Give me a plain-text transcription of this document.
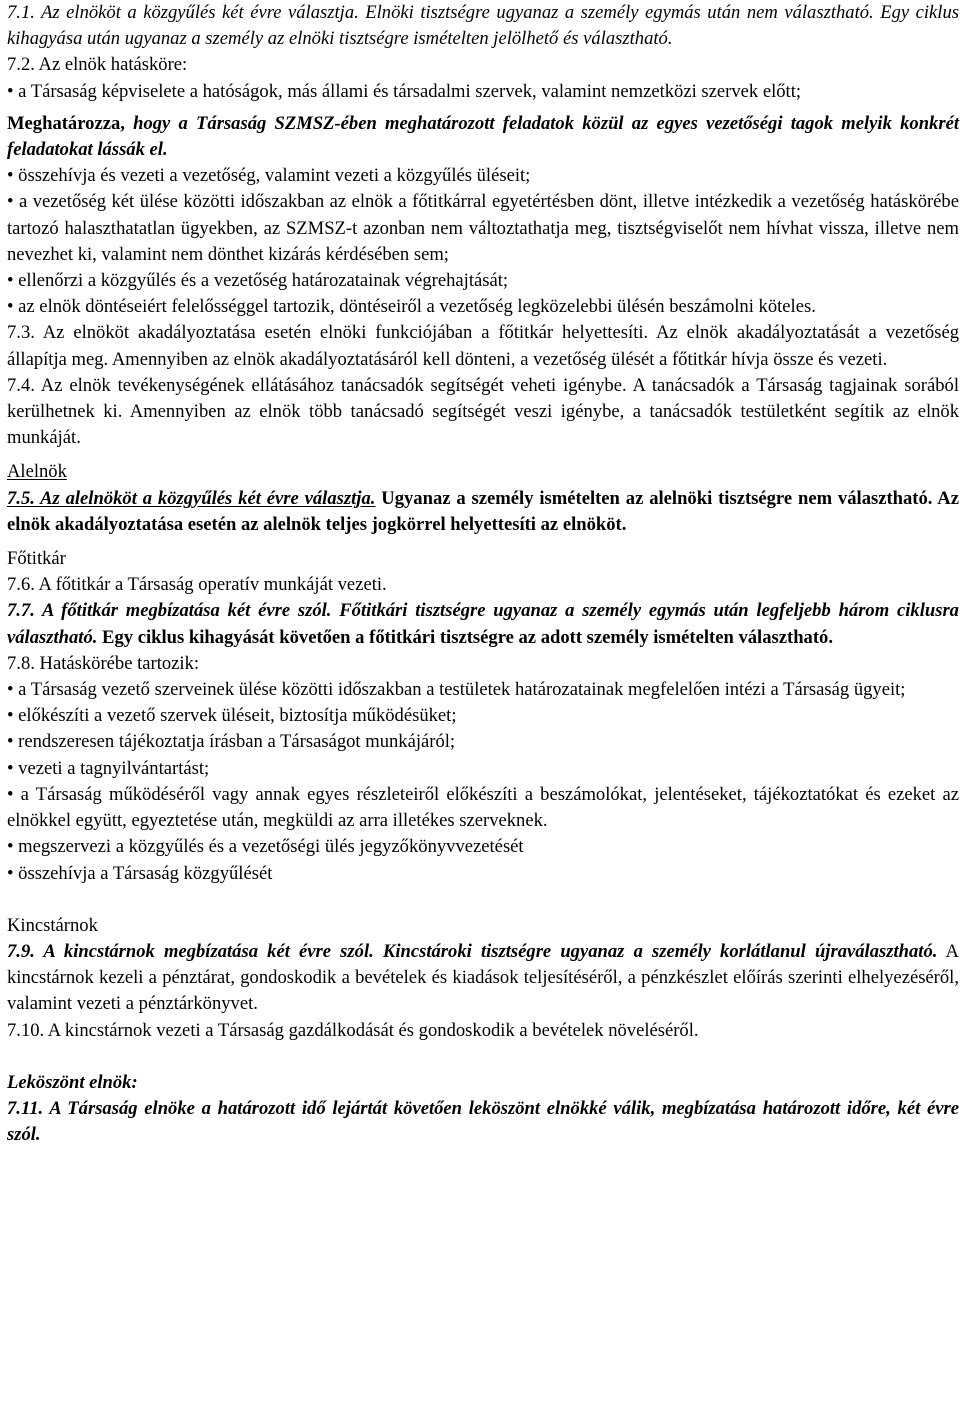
7.1. Az elnököt a közgyűlés két évre választja. Elnöki tisztségre ugyanaz a személy egymás után nem választható. Egy ciklus kihagyása után ugyanaz a személy az elnöki tisztségre ismételten jelölhető és választható.

7.2. Az elnök hatásköre:

• a Társaság képviselete a hatóságok, más állami és társadalmi szervek, valamint nemzetközi szervek előtt;

Meghatározza, hogy a Társaság SZMSZ-ében meghatározott feladatok közül az egyes vezetőségi tagok melyik konkrét feladatokat lássák el.

• összehívja és vezeti a vezetőség, valamint vezeti a közgyűlés üléseit;

• a vezetőség két ülése közötti időszakban az elnök a főtitkárral egyetértésben dönt, illetve intézkedik a vezetőség hatáskörébe tartozó halaszthatatlan ügyekben, az SZMSZ-t azonban nem változtathatja meg, tisztségviselőt nem hívhat vissza, illetve nem nevezhet ki, valamint nem dönthet kizárás kérdésében sem;

• ellenőrzi a közgyűlés és a vezetőség határozatainak végrehajtását;

• az elnök döntéseiért felelősséggel tartozik, döntéseiről a vezetőség legközelebbi ülésén beszámolni köteles.

7.3. Az elnököt akadályoztatása esetén elnöki funkciójában a főtitkár helyettesíti. Az elnök akadályoztatását a vezetőség állapítja meg. Amennyiben az elnök akadályoztatásáról kell dönteni, a vezetőség ülését a főtitkár hívja össze és vezeti.

7.4. Az elnök tevékenységének ellátásához tanácsadók segítségét veheti igénybe. A tanácsadók a Társaság tagjainak sorából kerülhetnek ki. Amennyiben az elnök több tanácsadó segítségét veszi igénybe, a tanácsadók testületként segítik az elnök munkáját.

Alelnök

7.5. Az alelnököt a közgyűlés két évre választja. Ugyanaz a személy ismételten az alelnöki tisztségre nem választható. Az elnök akadályoztatása esetén az alelnök teljes jogkörrel helyettesíti az elnököt.

Főtitkár

7.6. A főtitkár a Társaság operatív munkáját vezeti.

7.7. A főtitkár megbízatása két évre szól. Főtitkári tisztségre ugyanaz a személy egymás után legfeljebb három ciklusra választható. Egy ciklus kihagyását követően a főtitkári tisztségre az adott személy ismételten választható.

7.8. Hatáskörébe tartozik:

• a Társaság vezető szerveinek ülése közötti időszakban a testületek határozatainak megfelelően intézi a Társaság ügyeit;

• előkészíti a vezető szervek üléseit, biztosítja működésüket;

• rendszeresen tájékoztatja írásban a Társaságot munkájáról;

• vezeti a tagnyilvántartást;

• a Társaság működéséről vagy annak egyes részleteiről előkészíti a beszámolókat, jelentéseket, tájékoztatókat és ezeket az elnökkel együtt, egyeztetése után, megküldi az arra illetékes szerveknek.

• megszervezi a közgyűlés és a vezetőségi ülés jegyzőkönyvvezetését

• összehívja a Társaság közgyűlését

Kincstárnok

7.9. A kincstárnok megbízatása két évre szól. Kincstároki tisztségre ugyanaz a személy korlátlanul újraválasztható. A kincstárnok kezeli a pénztárat, gondoskodik a bevételek és kiadások teljesítéséről, a pénzkészlet előírás szerinti elhelyezéséről, valamint vezeti a pénztárkönyvet.

7.10. A kincstárnok vezeti a Társaság gazdálkodását és gondoskodik a bevételek növeléséről.

Leköszönt elnök:

7.11. A Társaság elnöke a határozott idő lejártát követően leköszönt elnökké válik, megbízatása határozott időre, két évre szól.
